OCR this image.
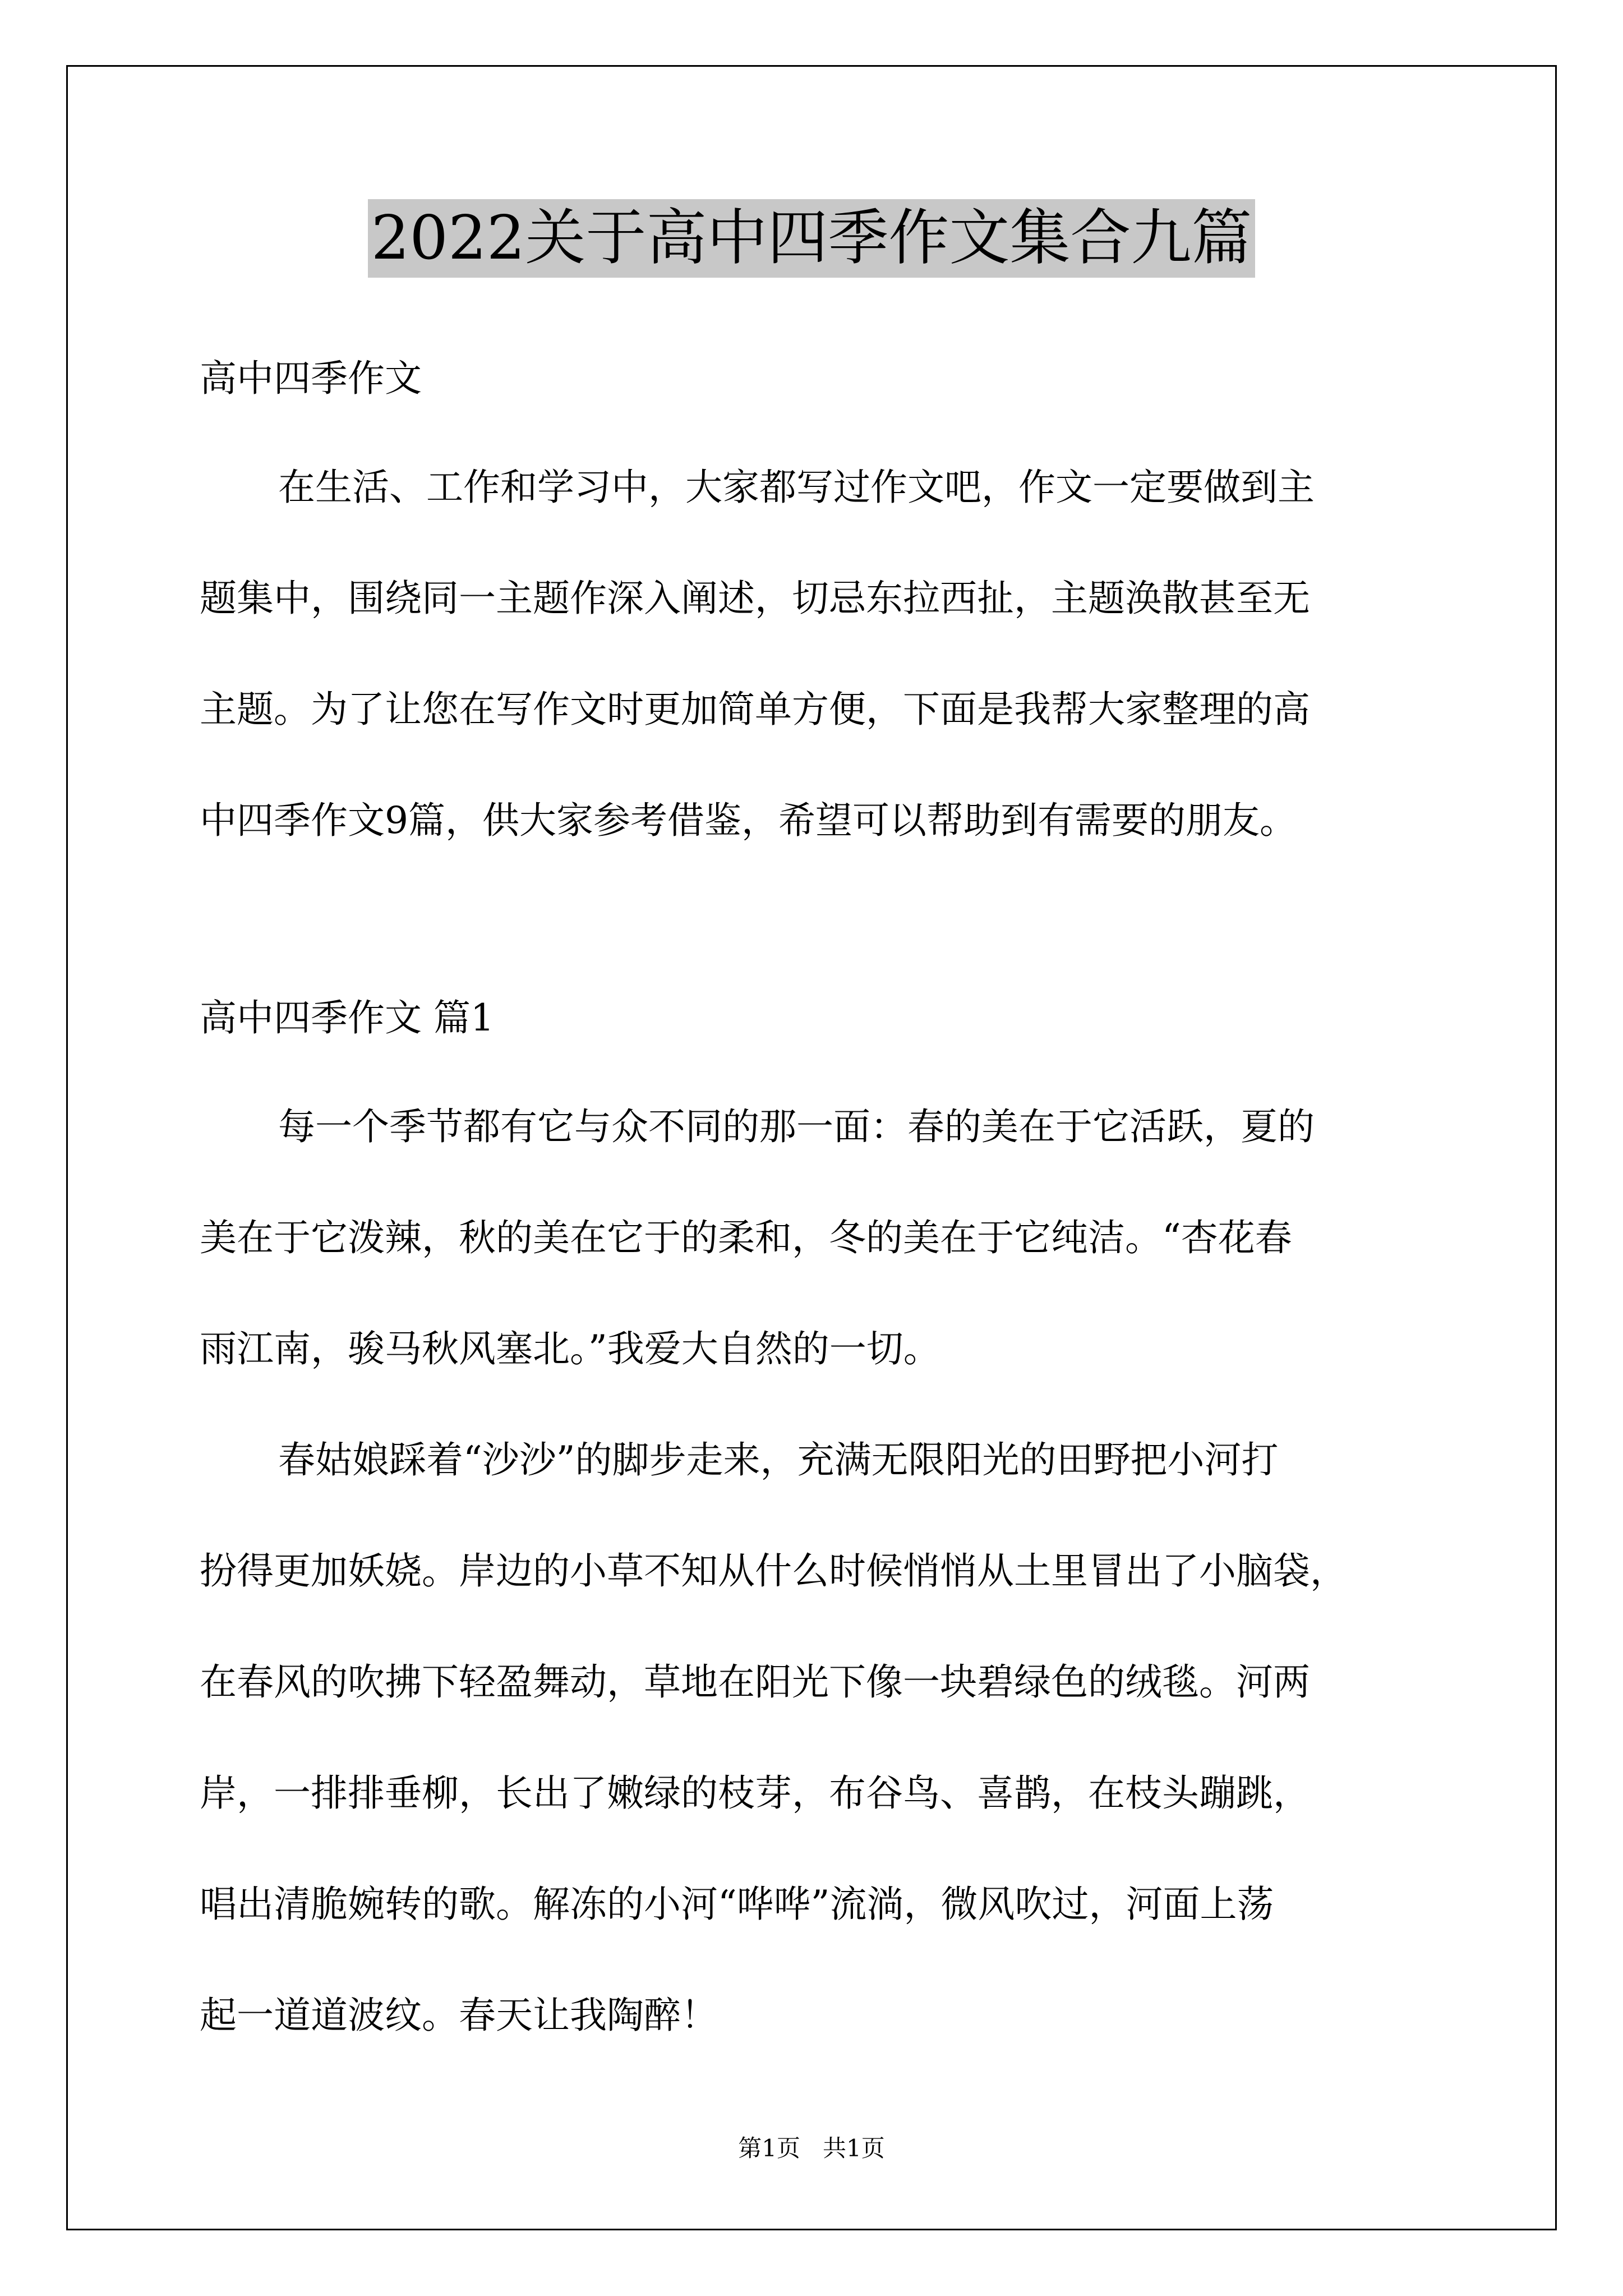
2022关于高中四季作文集合九篇
高中四季作文
在生活、工作和学习中，大家都写过作文吧，作文一定要做到主
题集中，围绕同一主题作深入阐述，切忌东拉西扯，主题涣散甚至无
主题。为了让您在写作文时更加简单方便，下面是我帮大家整理的高
中四季作文9篇，供大家参考借鉴，希望可以帮助到有需要的朋友。
高中四季作文 篇1
每一个季节都有它与众不同的那一面：春的美在于它活跃，夏的
美在于它泼辣，秋的美在它于的柔和，冬的美在于它纯洁。“杏花春
雨江南，骏马秋风塞北。”我爱大自然的一切。
春姑娘踩着“沙沙”的脚步走来，充满无限阳光的田野把小河打
扮得更加妖娆。岸边的小草不知从什么时候悄悄从土里冒出了小脑袋，
在春风的吹拂下轻盈舞动，草地在阳光下像一块碧绿色的绒毯。河两
岸，一排排垂柳，长出了嫩绿的枝芽，布谷鸟、喜鹊，在枝头蹦跳，
唱出清脆婉转的歌。解冻的小河“哗哗”流淌，微风吹过，河面上荡
起一道道波纹。春天让我陶醉！
第1页   共1页
